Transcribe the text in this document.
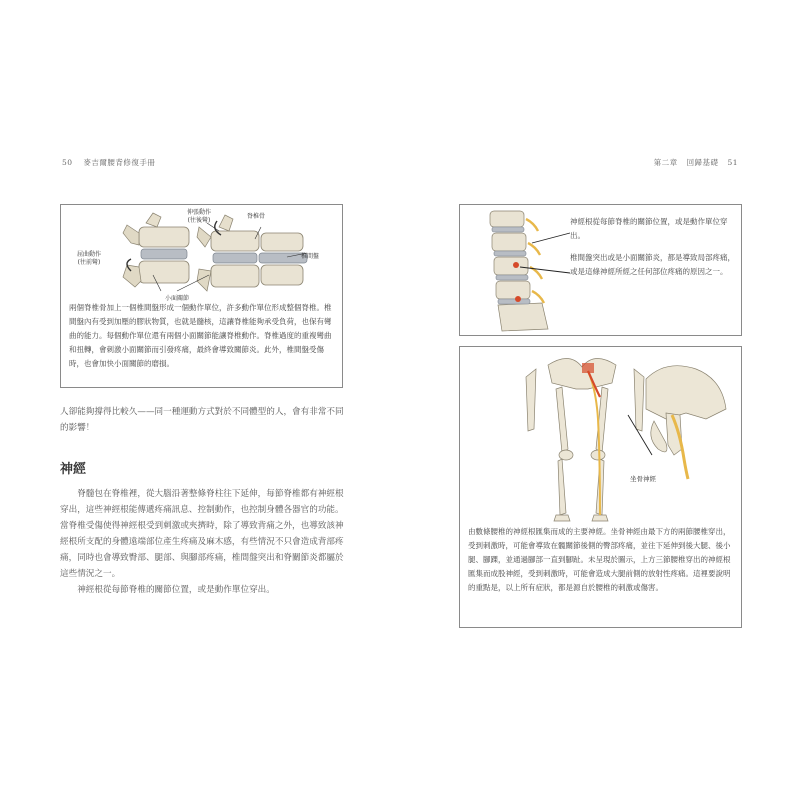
50 麥吉爾腰背修復手冊
伸張動作
(往後彎)
脊椎骨
屈曲動作
(往前彎)
椎間盤
小面關節
兩個脊椎骨加上一個椎間盤形成一個動作單位，許多動作單位形成整個脊椎。椎間盤內有受到加壓的膠狀物質，也就是髓核，這讓脊椎能夠承受負荷，也保有彎曲的能力。每個動作單位還有兩個小面關節能讓脊椎動作。脊椎過度的重複彎曲和扭轉，會刺激小面關節而引發疼痛，最終會導致關節炎。此外，椎間盤受傷時，也會加快小面關節的磨損。

人卻能夠撐得比較久——同一種運動方式對於不同體型的人，會有非常不同的影響！

神經

脊髓包在脊椎裡，從大腦沿著整條脊柱往下延伸，每節脊椎都有神經根穿出，這些神經根能傳遞疼痛訊息、控制動作，也控制身體各器官的功能。當脊椎受傷使得神經根受到刺激或夾擠時，除了導致背痛之外，也導致該神經根所支配的身體遠端部位產生疼痛及麻木感，有些情況不只會造成背部疼痛，同時也會導致臀部、腿部、與腳部疼痛，椎間盤突出和脊關節炎都屬於這些情況之一。

神經根從每節脊椎的關節位置，或是動作單位穿出。

第二章 回歸基礎 51
神經根從每節脊椎的關節位置，或是動作單位穿出。
椎間盤突出或是小面關節炎，都是導致局部疼痛，或是這條神經所經之任何部位疼痛的原因之一。
坐骨神經
由數條腰椎的神經根匯集而成的主要神經。坐骨神經由最下方的兩節腰椎穿出，受到刺激時，可能會導致在髖關節後側的臀部疼痛，並往下延伸到後大腿、後小腿、腳踝，並通過腳部一直到腳趾。未呈現於圖示，上方三節腰椎穿出的神經根匯集而成股神經，受到刺激時，可能會造成大腿前側的放射性疼痛。這裡要說明的重點是，以上所有症狀，都是源自於腰椎的刺激或傷害。
